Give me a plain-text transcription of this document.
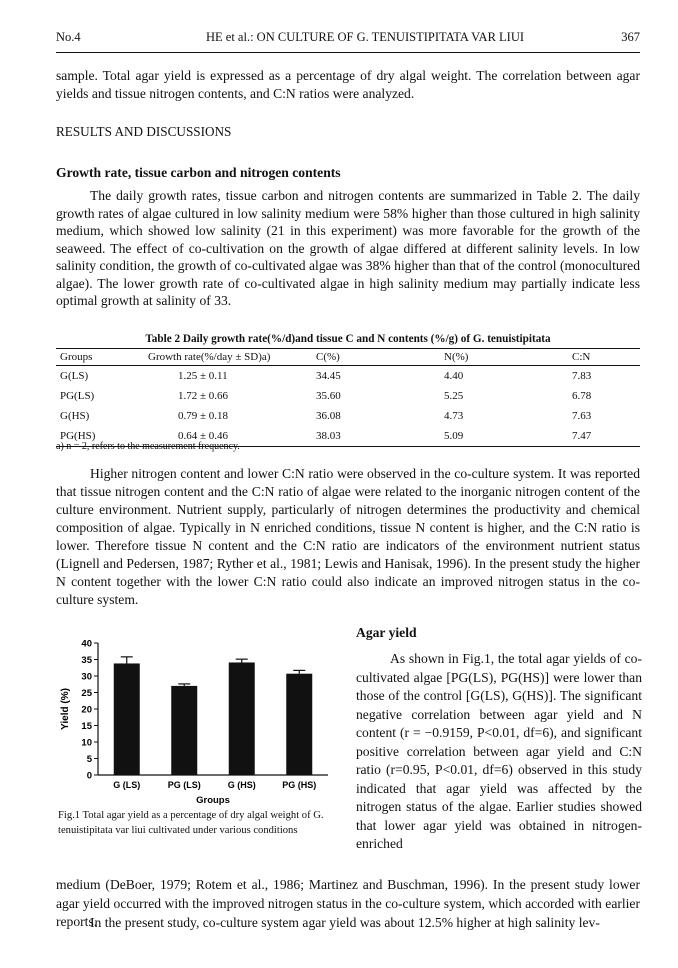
No.4	HE et al.: ON CULTURE OF G. TENUISTIPITATA VAR LIUI	367

sample. Total agar yield is expressed as a percentage of dry algal weight. The correlation between agar yields and tissue nitrogen contents, and C:N ratios were analyzed.

RESULTS AND DISCUSSIONS
Growth rate, tissue carbon and nitrogen contents

The daily growth rates, tissue carbon and nitrogen contents are summarized in Table 2. The daily growth rates of algae cultured in low salinity medium were 58% higher than those cultured in high salinity medium, which showed low salinity (21 in this experiment) was more favorable for the growth of the seaweed. The effect of co-cultivation on the growth of algae differed at different salinity levels. In low salinity condition, the growth of co-cultivated algae was 38% higher than that of the control (monocultured algae). The lower growth rate of co-cultivated algae in high salinity medium may partially indicate less optimal growth at salinity of 33.

Table 2 Daily growth rate(%/d)and tissue C and N contents (%/g) of G. tenuistipitata
Groups	Growth rate(%/day ± SD)a)	C(%)	N(%)	C:N
G(LS)	1.25 ± 0.11	34.45	4.40	7.83
PG(LS)	1.72 ± 0.66	35.60	5.25	6.78
G(HS)	0.79 ± 0.18	36.08	4.73	7.63
PG(HS)	0.64 ± 0.46	38.03	5.09	7.47
a) n = 2, refers to the measurement frequency.

Higher nitrogen content and lower C:N ratio were observed in the co-culture system. It was reported that tissue nitrogen content and the C:N ratio of algae were related to the inorganic nitrogen content of the culture environment. Nutrient supply, particularly of nitrogen determines the productivity and chemical composition of algae. Typically in N enriched conditions, tissue N content is higher, and the C:N ratio is lower. Therefore tissue N content and the C:N ratio are indicators of the environment nutrient status (Lignell and Pedersen, 1987; Ryther et al., 1981; Lewis and Hanisak, 1996). In the present study the higher N content together with the lower C:N ratio could also indicate an improved nitrogen status in the co-culture system.

Agar yield

As shown in Fig.1, the total agar yields of co-cultivated algae [PG(LS), PG(HS)] were lower than those of the control [G(LS), G(HS)]. The significant negative correlation between agar yield and N content (r = −0.9159, P<0.01, df=6), and significant positive correlation between agar yield and C:N ratio (r=0.95, P<0.01, df=6) observed in this study indicated that agar yield was affected by the nitrogen status of the algae. Earlier studies showed that lower agar yield was obtained in nitrogen-enriched

0
5
10
15
20
25
30
35
40
G (LS)	PG (LS)	G (HS)	PG (HS)
Yield (%)
Groups

Fig.1 Total agar yield as a percentage of dry algal weight of G. tenuistipitata var liui cultivated under various conditions

medium (DeBoer, 1979; Rotem et al., 1986; Martinez and Buschman, 1996). In the present study lower agar yield occurred with the improved nitrogen status in the co-culture system, which accorded with earlier reports.

In the present study, co-culture system agar yield was about 12.5% higher at high salinity lev-
